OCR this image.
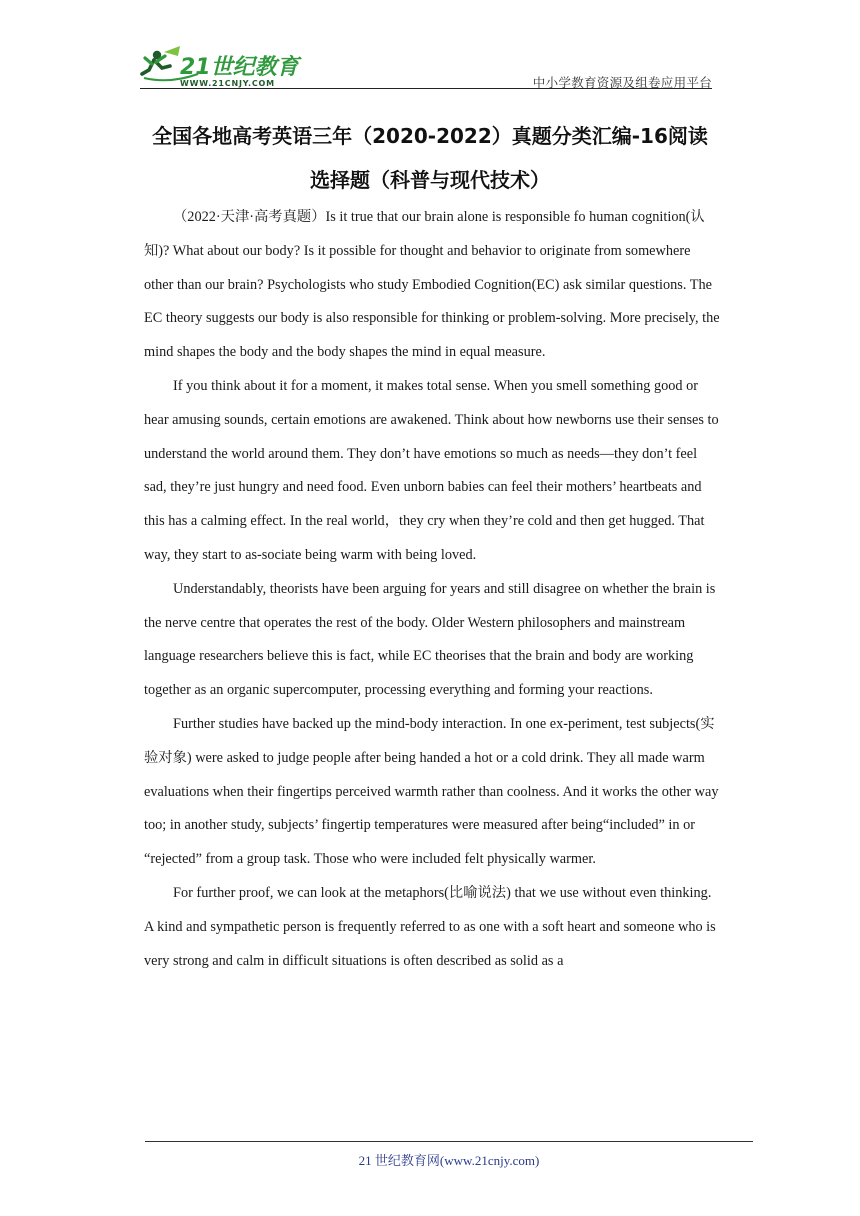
21世纪教育
WWW.21CNJY.COM	中小学教育资源及组卷应用平台
全国各地高考英语三年（2020-2022）真题分类汇编-16阅读
选择题（科普与现代技术）

（2022·天津·高考真题）Is it true that our brain alone is responsible fo human cognition(认知)? What about our body? Is it possible for thought and behavior to originate from somewhere other than our brain? Psychologists who study Embodied Cognition(EC) ask similar questions. The EC theory suggests our body is also responsible for thinking or problem-solving. More precisely, the mind shapes the body and the body shapes the mind in equal measure.

If you think about it for a moment, it makes total sense. When you smell something good or hear amusing sounds, certain emotions are awakened. Think about how newborns use their senses to understand the world around them. They don’t have emotions so much as needs—they don’t feel sad, they’re just hungry and need food. Even unborn babies can feel their mothers’ heartbeats and this has a calming effect. In the real world，they cry when they’re cold and then get hugged. That way, they start to as-sociate being warm with being loved.

Understandably, theorists have been arguing for years and still disagree on whether the brain is the nerve centre that operates the rest of the body. Older Western philosophers and mainstream language researchers believe this is fact, while EC theorises that the brain and body are working together as an organic supercomputer, processing everything and forming your reactions.

Further studies have backed up the mind-body interaction. In one ex-periment, test subjects(实验对象) were asked to judge people after being handed a hot or a cold drink. They all made warm evaluations when their fingertips perceived warmth rather than coolness. And it works the other way too; in another study, subjects’ fingertip temperatures were measured after being“included” in or “rejected” from a group task. Those who were included felt physically warmer.

For further proof, we can look at the metaphors(比喻说法) that we use without even thinking. A kind and sympathetic person is frequently referred to as one with a soft heart and someone who is very strong and calm in difficult situations is often described as solid as a

21 世纪教育网(www.21cnjy.com)
